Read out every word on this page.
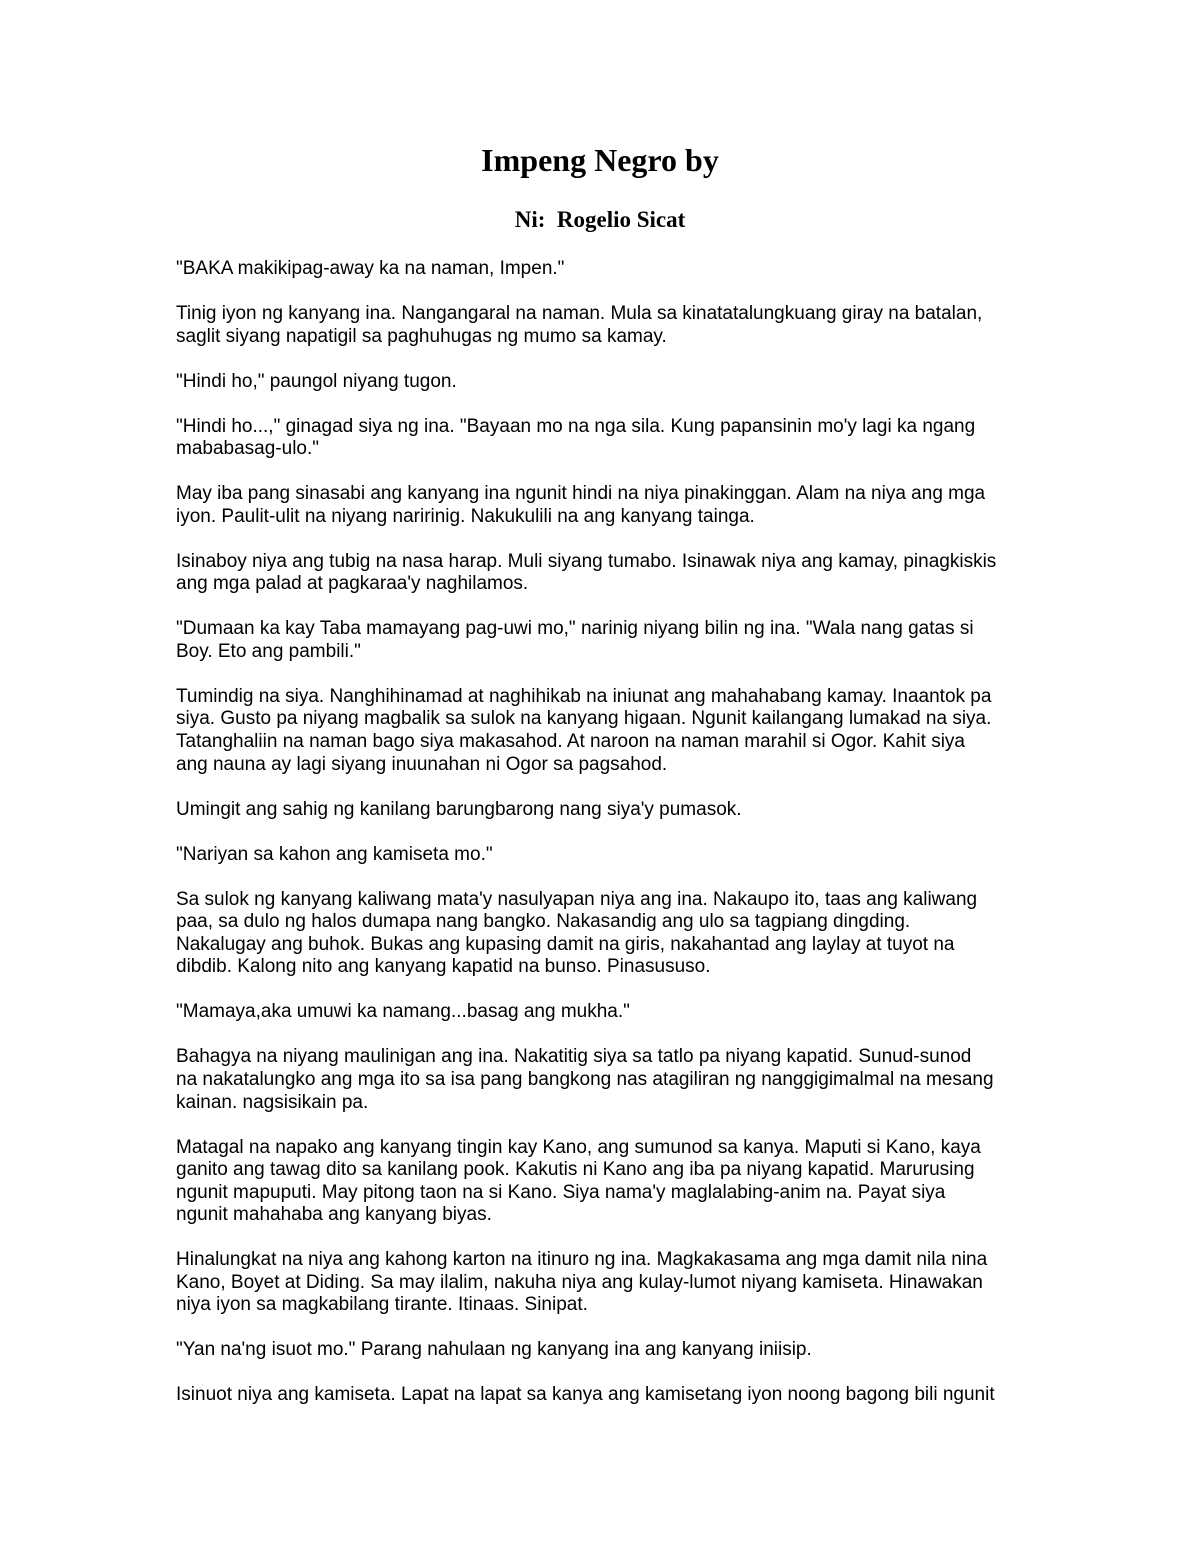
Impeng Negro by
Ni:  Rogelio Sicat

"BAKA makikipag-away ka na naman, Impen."

Tinig iyon ng kanyang ina. Nangangaral na naman. Mula sa kinatatalungkuang giray na batalan,
saglit siyang napatigil sa paghuhugas ng mumo sa kamay.

"Hindi ho," paungol niyang tugon.

"Hindi ho...," ginagad siya ng ina. "Bayaan mo na nga sila. Kung papansinin mo'y lagi ka ngang
mababasag-ulo."

May iba pang sinasabi ang kanyang ina ngunit hindi na niya pinakinggan. Alam na niya ang mga
iyon. Paulit-ulit na niyang naririnig. Nakukulili na ang kanyang tainga.

Isinaboy niya ang tubig na nasa harap. Muli siyang tumabo. Isinawak niya ang kamay, pinagkiskis
ang mga palad at pagkaraa'y naghilamos.

"Dumaan ka kay Taba mamayang pag-uwi mo," narinig niyang bilin ng ina. "Wala nang gatas si
Boy. Eto ang pambili."

Tumindig na siya. Nanghihinamad at naghihikab na iniunat ang mahahabang kamay. Inaantok pa
siya. Gusto pa niyang magbalik sa sulok na kanyang higaan. Ngunit kailangang lumakad na siya.
Tatanghaliin na naman bago siya makasahod. At naroon na naman marahil si Ogor. Kahit siya
ang nauna ay lagi siyang inuunahan ni Ogor sa pagsahod.

Umingit ang sahig ng kanilang barungbarong nang siya'y pumasok.

"Nariyan sa kahon ang kamiseta mo."

Sa sulok ng kanyang kaliwang mata'y nasulyapan niya ang ina. Nakaupo ito, taas ang kaliwang
paa, sa dulo ng halos dumapa nang bangko. Nakasandig ang ulo sa tagpiang dingding.
Nakalugay ang buhok. Bukas ang kupasing damit na giris, nakahantad ang laylay at tuyot na
dibdib. Kalong nito ang kanyang kapatid na bunso. Pinasususo.

"Mamaya,aka umuwi ka namang...basag ang mukha."

Bahagya na niyang maulinigan ang ina. Nakatitig siya sa tatlo pa niyang kapatid. Sunud-sunod
na nakatalungko ang mga ito sa isa pang bangkong nas atagiliran ng nanggigimalmal na mesang
kainan. nagsisikain pa.

Matagal na napako ang kanyang tingin kay Kano, ang sumunod sa kanya. Maputi si Kano, kaya
ganito ang tawag dito sa kanilang pook. Kakutis ni Kano ang iba pa niyang kapatid. Marurusing
ngunit mapuputi. May pitong taon na si Kano. Siya nama'y maglalabing-anim na. Payat siya
ngunit mahahaba ang kanyang biyas.

Hinalungkat na niya ang kahong karton na itinuro ng ina. Magkakasama ang mga damit nila nina
Kano, Boyet at Diding. Sa may ilalim, nakuha niya ang kulay-lumot niyang kamiseta. Hinawakan
niya iyon sa magkabilang tirante. Itinaas. Sinipat.

"Yan na'ng isuot mo." Parang nahulaan ng kanyang ina ang kanyang iniisip.

Isinuot niya ang kamiseta. Lapat na lapat sa kanya ang kamisetang iyon noong bagong bili ngunit
